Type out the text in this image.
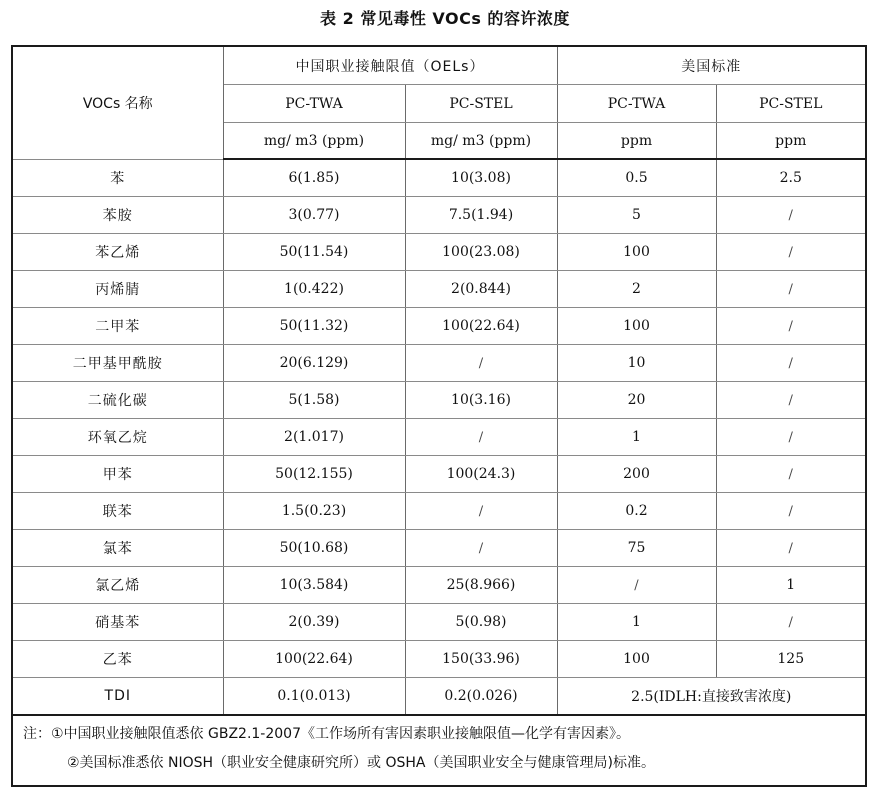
表 2 常见毒性 VOCs 的容许浓度
VOCs 名称	中国职业接触限值（OELs）		美国标准	
	PC-TWA	PC-STEL	PC-TWA	PC-STEL
	mg/ m3 (ppm)	mg/ m3 (ppm)	ppm	ppm
苯	6(1.85)	10(3.08)	0.5	2.5
苯胺	3(0.77)	7.5(1.94)	5	/
苯乙烯	50(11.54)	100(23.08)	100	/
丙烯腈	1(0.422)	2(0.844)	2	/
二甲苯	50(11.32)	100(22.64)	100	/
二甲基甲酰胺	20(6.129)	/	10	/
二硫化碳	5(1.58)	10(3.16)	20	/
环氧乙烷	2(1.017)	/	1	/
甲苯	50(12.155)	100(24.3)	200	/
联苯	1.5(0.23)	/	0.2	/
氯苯	50(10.68)	/	75	/
氯乙烯	10(3.584)	25(8.966)	/	1
硝基苯	2(0.39)	5(0.98)	1	/
乙苯	100(22.64)	150(33.96)	100	125
TDI	0.1(0.013)	0.2(0.026)	2.5(IDLH:直接致害浓度)	
注：①中国职业接触限值悉依 GBZ2.1-2007《工作场所有害因素职业接触限值—化学有害因素》。
②美国标准悉依 NIOSH（职业安全健康研究所）或 OSHA（美国职业安全与健康管理局)标准。
